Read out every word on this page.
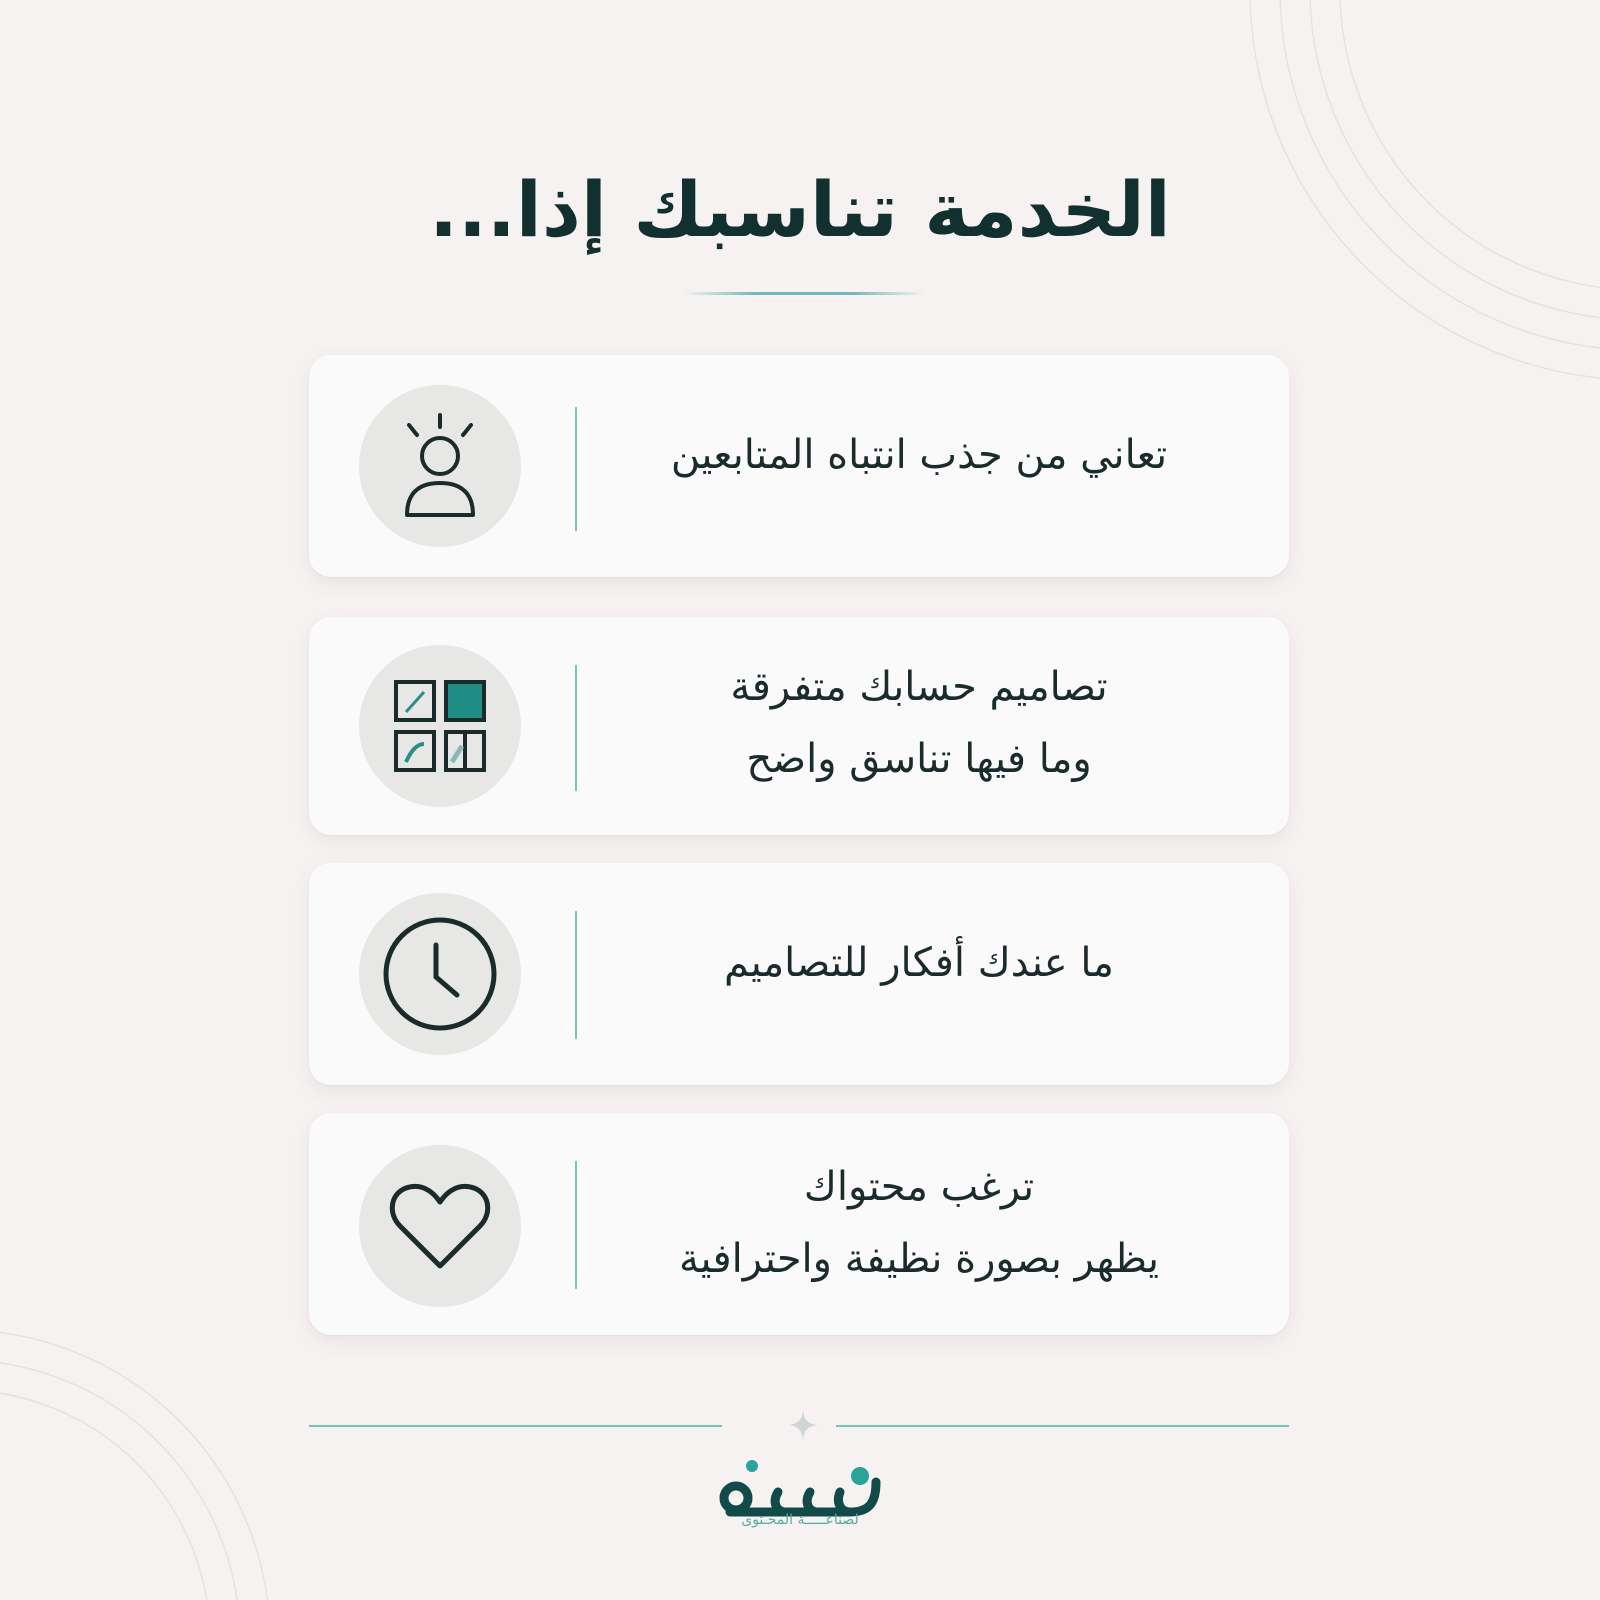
الخدمة تناسبك إذا...
تعاني من جذب انتباه المتابعين
تصاميم حسابك متفرقة
وما فيها تناسق واضح
ما عندك أفكار للتصاميم
ترغب محتواك
يظهر بصورة نظيفة واحترافية
لصناعـــــة المحـتوى
